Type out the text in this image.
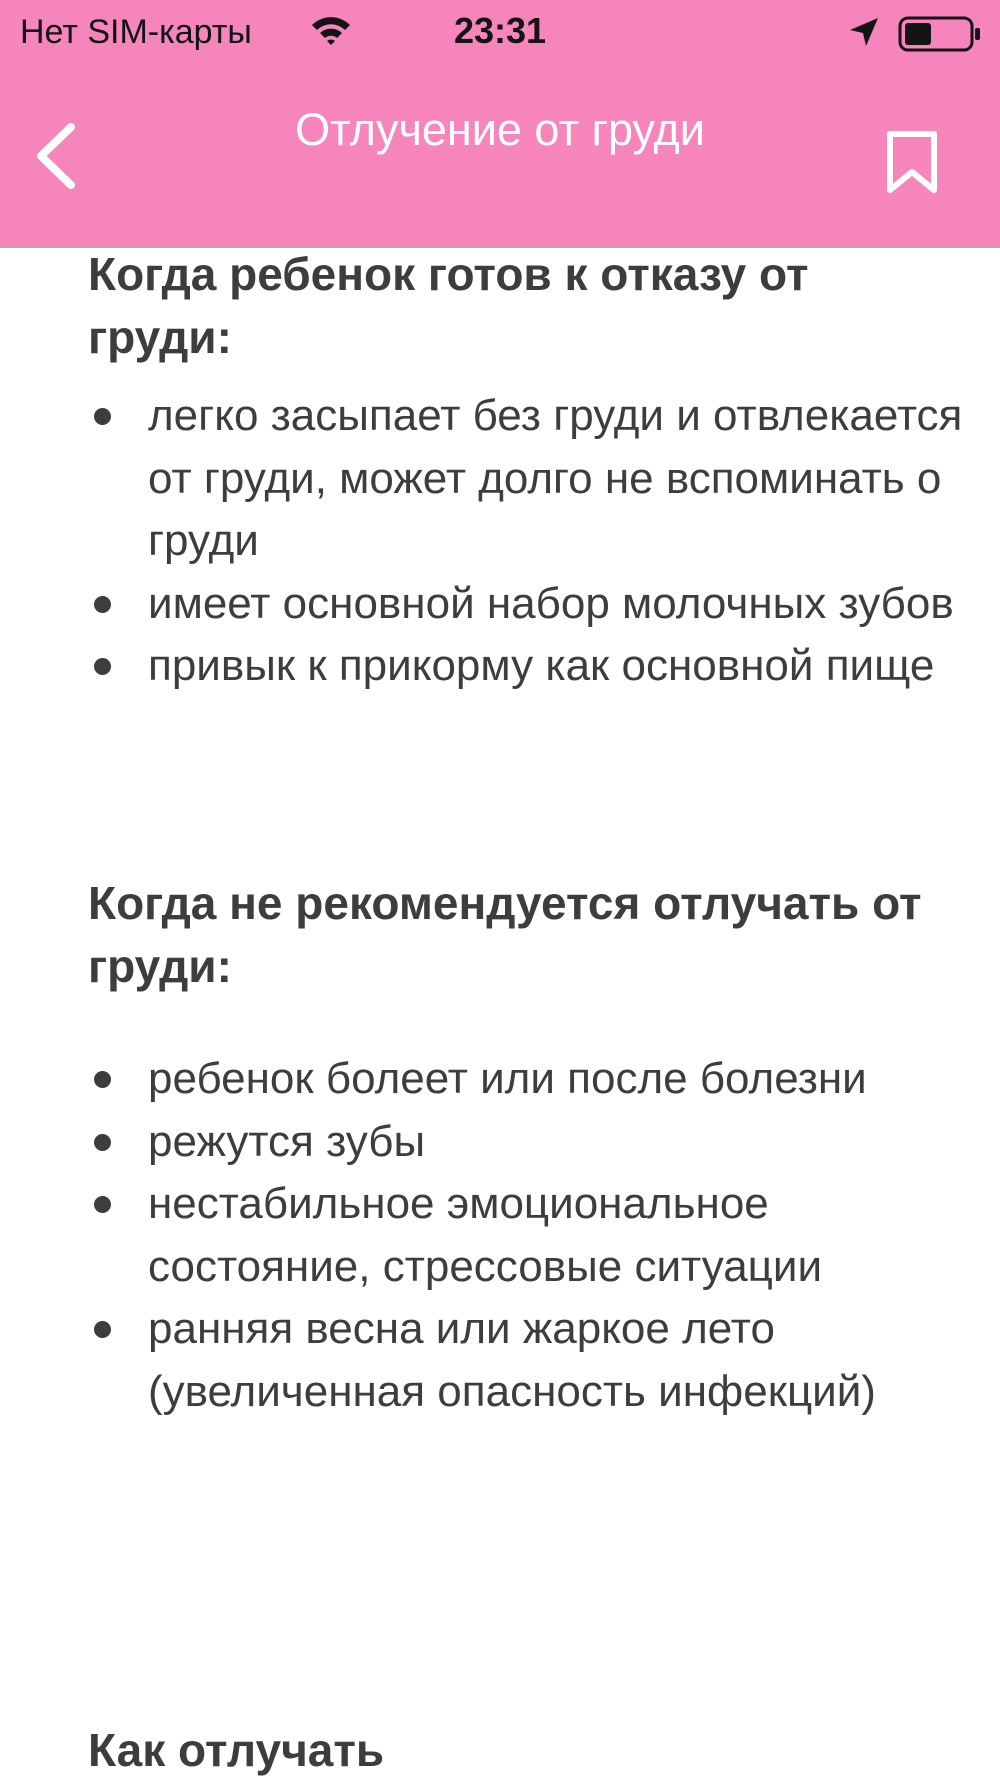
Нет SIM-карты	23:31
Отлучение от груди
Когда ребенок готов к отказу от груди:
легко засыпает без груди и отвлекается от груди, может долго не вспоминать о груди
имеет основной набор молочных зубов
привык к прикорму как основной пище
Когда не рекомендуется отлучать от груди:
ребенок болеет или после болезни
режутся зубы
нестабильное эмоциональное состояние, стрессовые ситуации
ранняя весна или жаркое лето (увеличенная опасность инфекций)
Как отлучать
